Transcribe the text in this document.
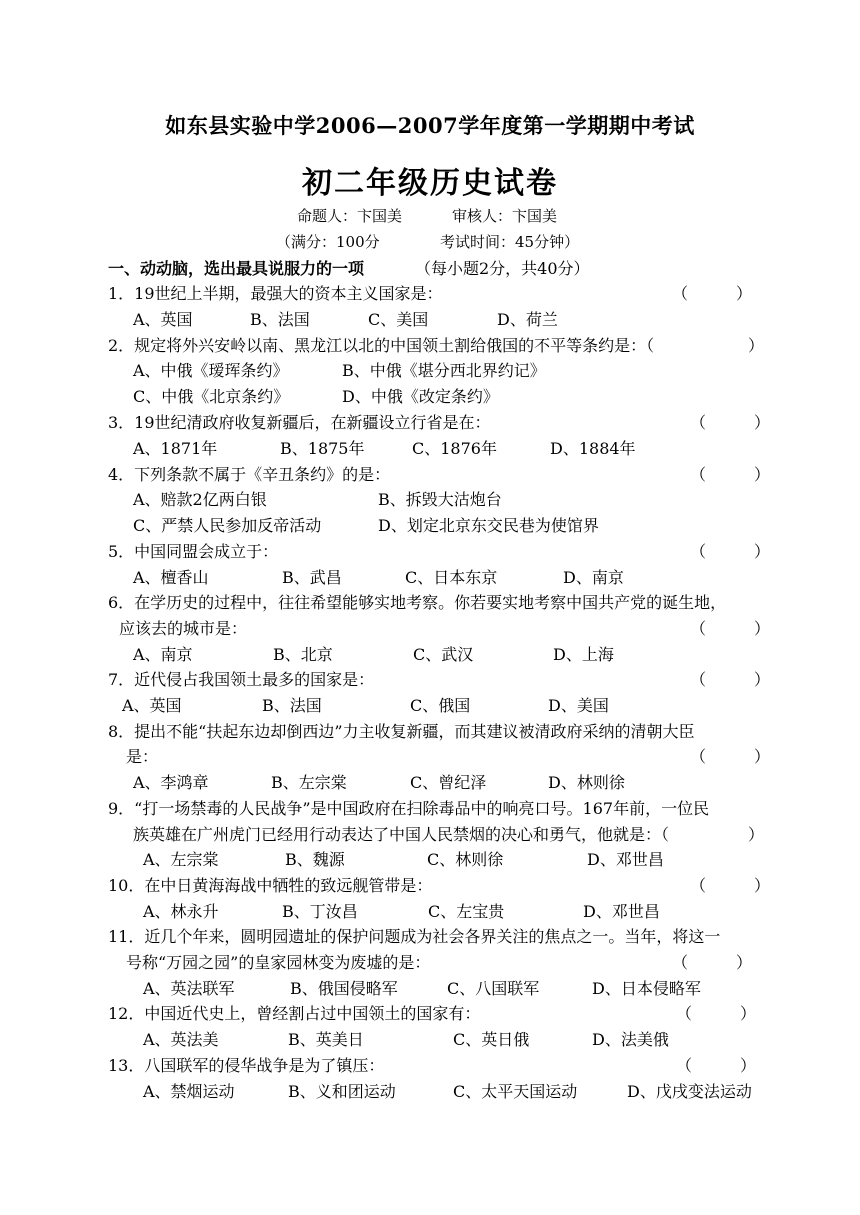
如东县实验中学2006—2007学年度第一学期期中考试
初二年级历史试卷
命题人：卞国美	审核人：卞国美
（满分：100分	考试时间：45分钟）
一、动动脑，选出最具说服力的一项	（每小题2分，共40分）
1．19世纪上半期，最强大的资本主义国家是：	（　　　）
A、英国	B、法国	C、美国	D、荷兰
2．规定将外兴安岭以南、黑龙江以北的中国领土割给俄国的不平等条约是：（	）
A、中俄《瑷珲条约》	B、中俄《堪分西北界约记》
C、中俄《北京条约》	D、中俄《改定条约》
3．19世纪清政府收复新疆后，在新疆设立行省是在：	（　　　）
A、1871年	B、1875年	C、1876年	D、1884年
4．下列条款不属于《辛丑条约》的是：	（　　　）
A、赔款2亿两白银	B、拆毁大沽炮台
C、严禁人民参加反帝活动	D、划定北京东交民巷为使馆界
5．中国同盟会成立于：	（　　　）
A、檀香山	B、武昌	C、日本东京	D、南京
6．在学历史的过程中，往往希望能够实地考察。你若要实地考察中国共产党的诞生地，
应该去的城市是：	（　　　）
A、南京	B、北京	C、武汉	D、上海
7．近代侵占我国领土最多的国家是：	（　　　）
A、英国	B、法国	C、俄国	D、美国
8．提出不能“扶起东边却倒西边”力主收复新疆，而其建议被清政府采纳的清朝大臣
是：	（　　　）
A、李鸿章	B、左宗棠	C、曾纪泽	D、林则徐
9．“打一场禁毒的人民战争”是中国政府在扫除毒品中的响亮口号。167年前，一位民
族英雄在广州虎门已经用行动表达了中国人民禁烟的决心和勇气，他就是：（	）
A、左宗棠	B、魏源	C、林则徐	D、邓世昌
10．在中日黄海海战中牺牲的致远舰管带是：	（　　　）
A、林永升	B、丁汝昌	C、左宝贵	D、邓世昌
11．近几个年来，圆明园遗址的保护问题成为社会各界关注的焦点之一。当年，将这一
号称“万园之园”的皇家园林变为废墟的是：	（　　　）
A、英法联军	B、俄国侵略军	C、八国联军	D、日本侵略军
12．中国近代史上，曾经割占过中国领土的国家有：	（　　　）
A、英法美	B、英美日	C、英日俄	D、法美俄
13．八国联军的侵华战争是为了镇压：	（　　　）
A、禁烟运动	B、义和团运动	C、太平天国运动	D、戊戌变法运动
